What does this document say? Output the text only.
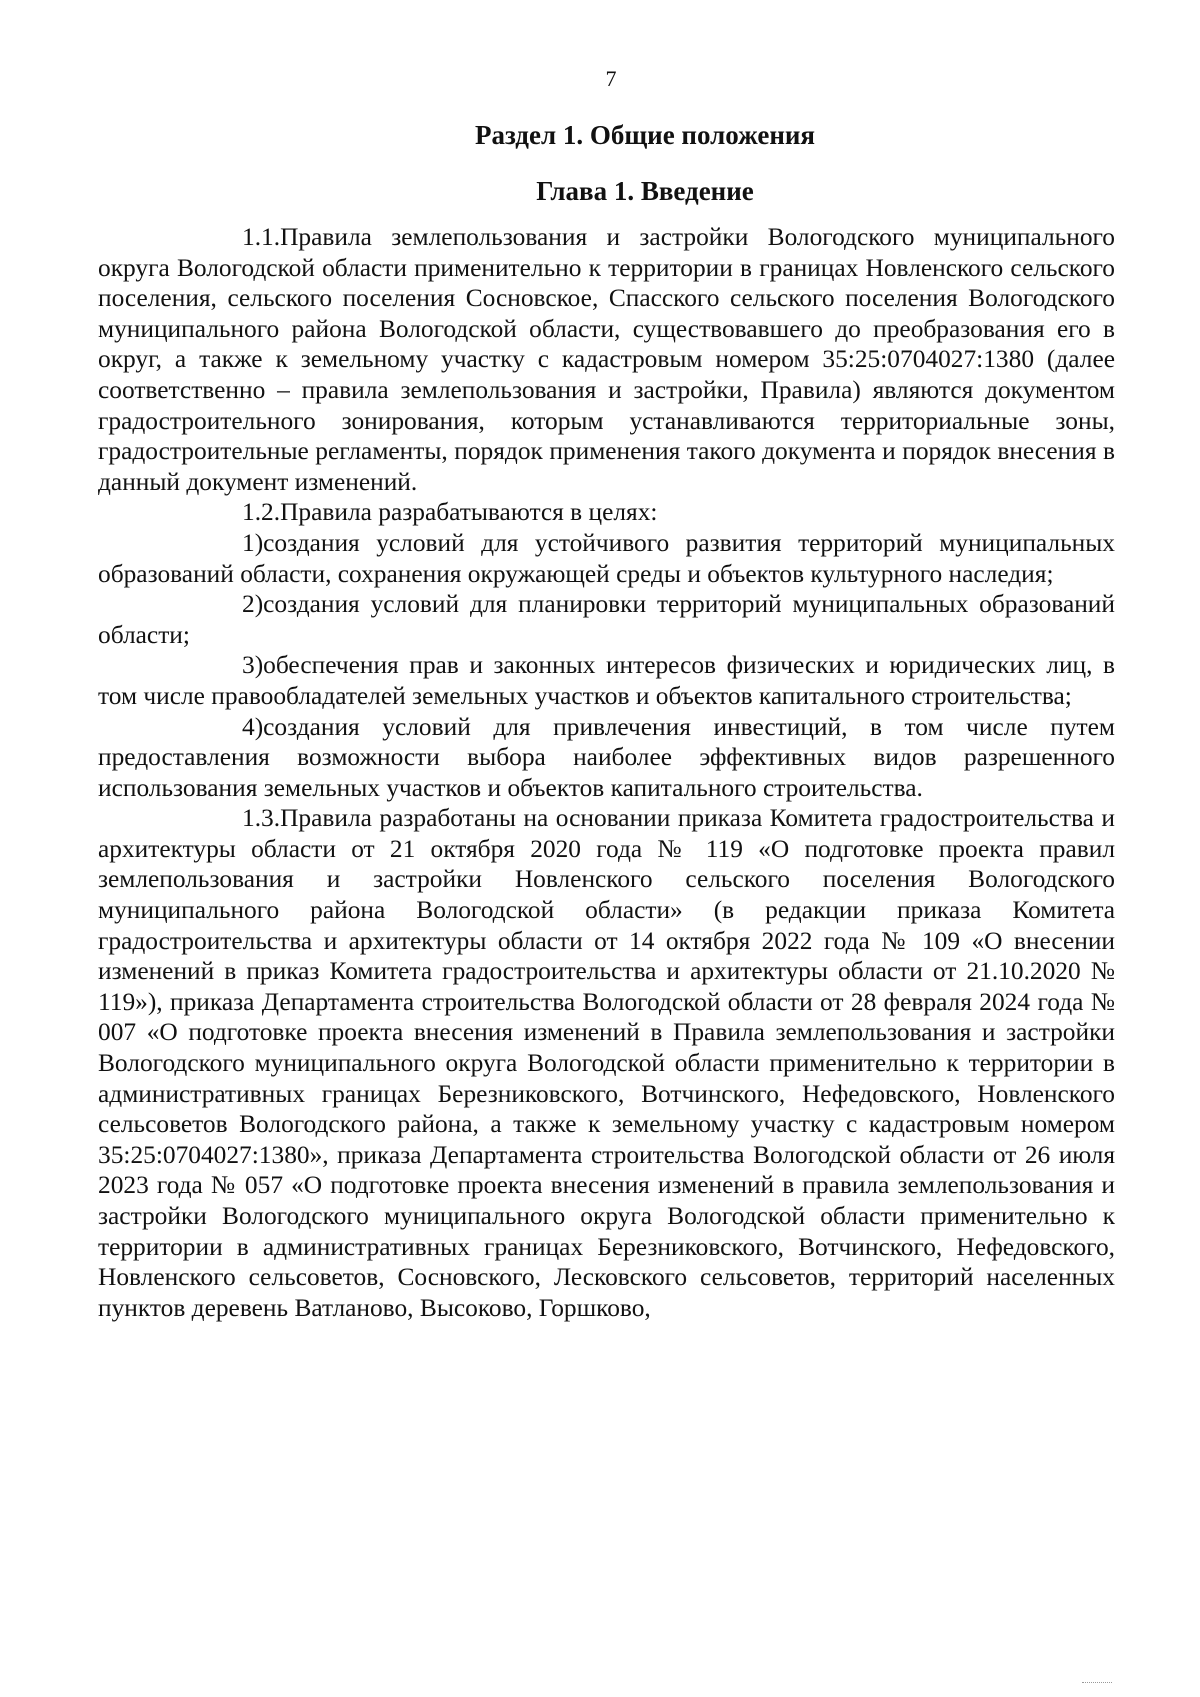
7
Раздел 1. Общие положения
Глава 1. Введение

1.1.Правила землепользования и застройки Вологодского муниципального округа Вологодской области применительно к территории в границах Новленского сельского поселения, сельского поселения Сосновское, Спасского сельского поселения Вологодского муниципального района Вологодской области, существовавшего до преобразования его в округ, а также к земельному участку с кадастровым номером 35:25:0704027:1380 (далее соответственно – правила землепользования и застройки, Правила) являются документом градостроительного зонирования, которым устанавливаются территориальные зоны, градостроительные регламенты, порядок применения такого документа и порядок внесения в данный документ изменений.

1.2.Правила разрабатываются в целях:

1)создания условий для устойчивого развития территорий муниципальных образований области, сохранения окружающей среды и объектов культурного наследия;

2)создания условий для планировки территорий муниципальных образований области;

3)обеспечения прав и законных интересов физических и юридических лиц, в том числе правообладателей земельных участков и объектов капитального строительства;

4)создания условий для привлечения инвестиций, в том числе путем предоставления возможности выбора наиболее эффективных видов разрешенного использования земельных участков и объектов капитального строительства.

1.3.Правила разработаны на основании приказа Комитета градостроительства и архитектуры области от 21 октября 2020 года № 119 «О подготовке проекта правил землепользования и застройки Новленского сельского поселения Вологодского муниципального района Вологодской области» (в редакции приказа Комитета градостроительства и архитектуры области от 14 октября 2022 года № 109 «О внесении изменений в приказ Комитета градостроительства и архитектуры области от 21.10.2020 № 119»), приказа Департамента строительства Вологодской области от 28 февраля 2024 года № 007 «О подготовке проекта внесения изменений в Правила землепользования и застройки Вологодского муниципального округа Вологодской области применительно к территории в административных границах Березниковского, Вотчинского, Нефедовского, Новленского сельсоветов Вологодского района, а также к земельному участку с кадастровым номером 35:25:0704027:1380», приказа Департамента строительства Вологодской области от 26 июля 2023 года № 057 «О подготовке проекта внесения изменений в правила землепользования и застройки Вологодского муниципального округа Вологодской области применительно к территории в административных границах Березниковского, Вотчинского, Нефедовского, Новленского сельсоветов, Сосновского, Лесковского сельсоветов, территорий населенных пунктов деревень Ватланово, Высоково, Горшково,
